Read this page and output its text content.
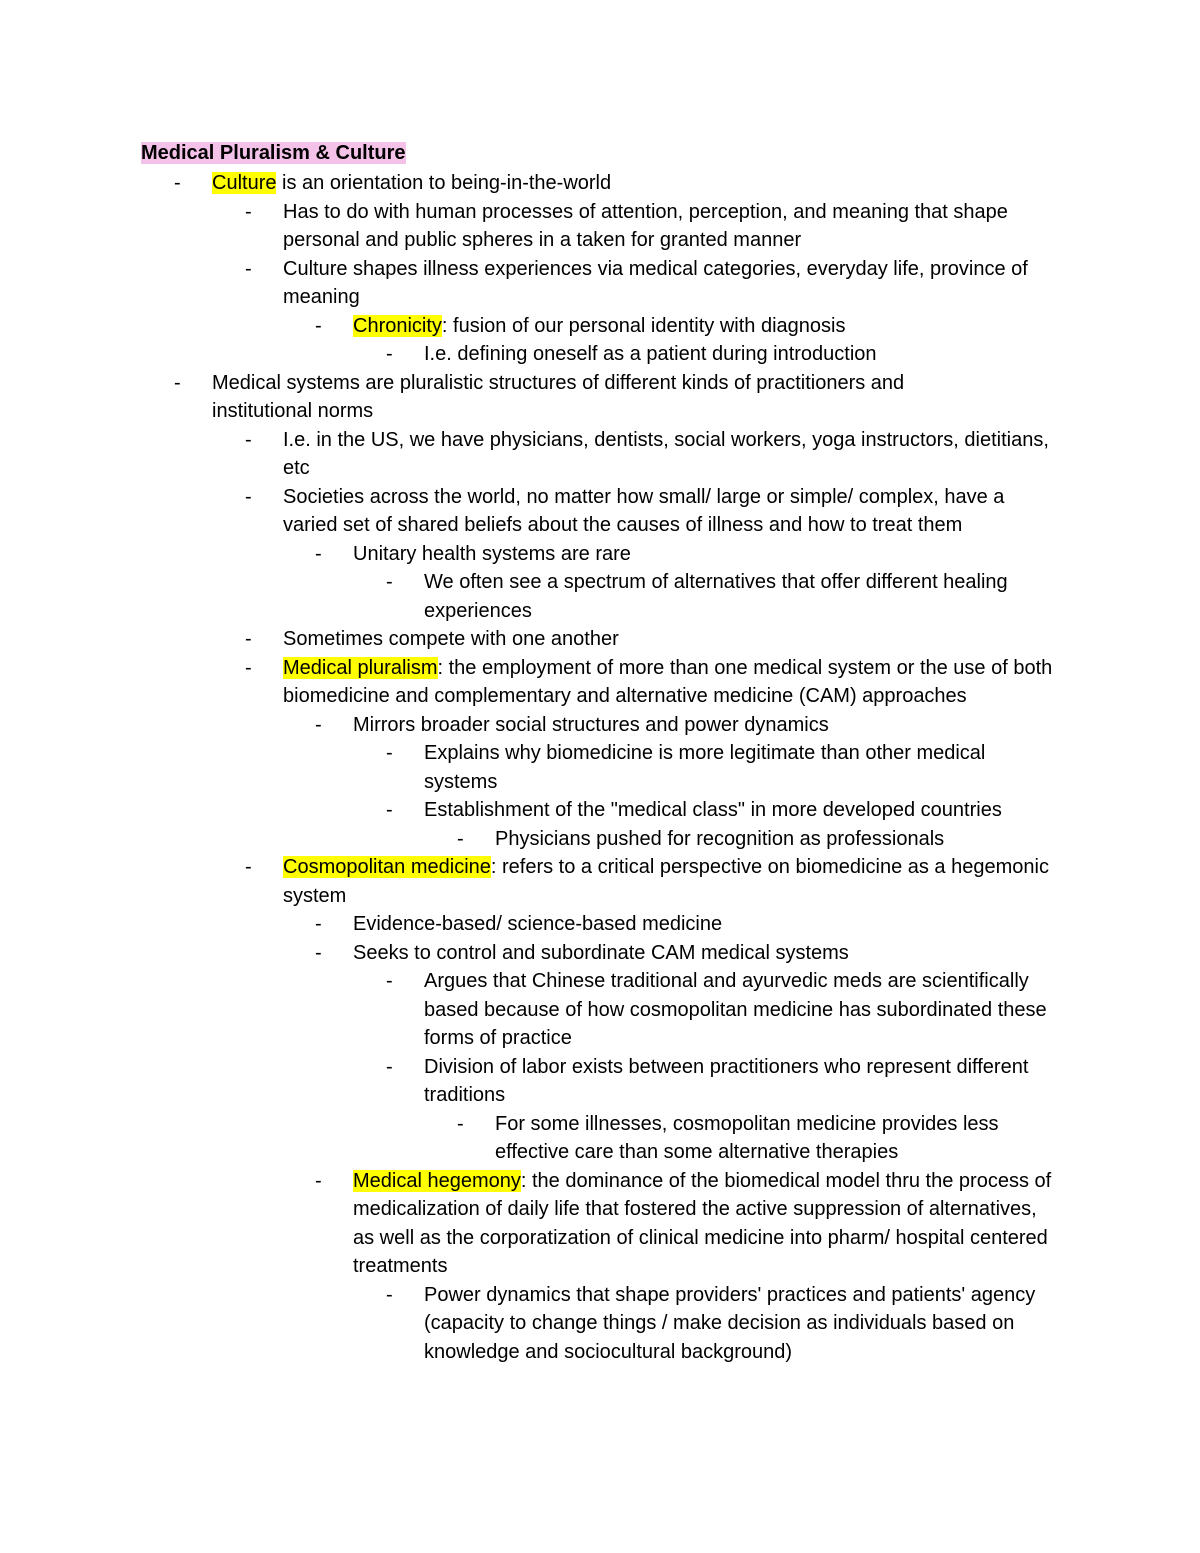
Medical Pluralism & Culture
- Culture is an orientation to being-in-the-world
- Has to do with human processes of attention, perception, and meaning that shape personal and public spheres in a taken for granted manner
- Culture shapes illness experiences via medical categories, everyday life, province of meaning
- Chronicity: fusion of our personal identity with diagnosis
- I.e. defining oneself as a patient during introduction
- Medical systems are pluralistic structures of different kinds of practitioners and institutional norms
- I.e. in the US, we have physicians, dentists, social workers, yoga instructors, dietitians, etc
- Societies across the world, no matter how small/ large or simple/ complex, have a varied set of shared beliefs about the causes of illness and how to treat them
- Unitary health systems are rare
- We often see a spectrum of alternatives that offer different healing experiences
- Sometimes compete with one another
- Medical pluralism: the employment of more than one medical system or the use of both biomedicine and complementary and alternative medicine (CAM) approaches
- Mirrors broader social structures and power dynamics
- Explains why biomedicine is more legitimate than other medical systems
- Establishment of the "medical class" in more developed countries
- Physicians pushed for recognition as professionals
- Cosmopolitan medicine: refers to a critical perspective on biomedicine as a hegemonic system
- Evidence-based/ science-based medicine
- Seeks to control and subordinate CAM medical systems
- Argues that Chinese traditional and ayurvedic meds are scientifically based because of how cosmopolitan medicine has subordinated these forms of practice
- Division of labor exists between practitioners who represent different traditions
- For some illnesses, cosmopolitan medicine provides less effective care than some alternative therapies
- Medical hegemony: the dominance of the biomedical model thru the process of medicalization of daily life that fostered the active suppression of alternatives, as well as the corporatization of clinical medicine into pharm/ hospital centered treatments
- Power dynamics that shape providers' practices and patients' agency (capacity to change things / make decision as individuals based on knowledge and sociocultural background)
